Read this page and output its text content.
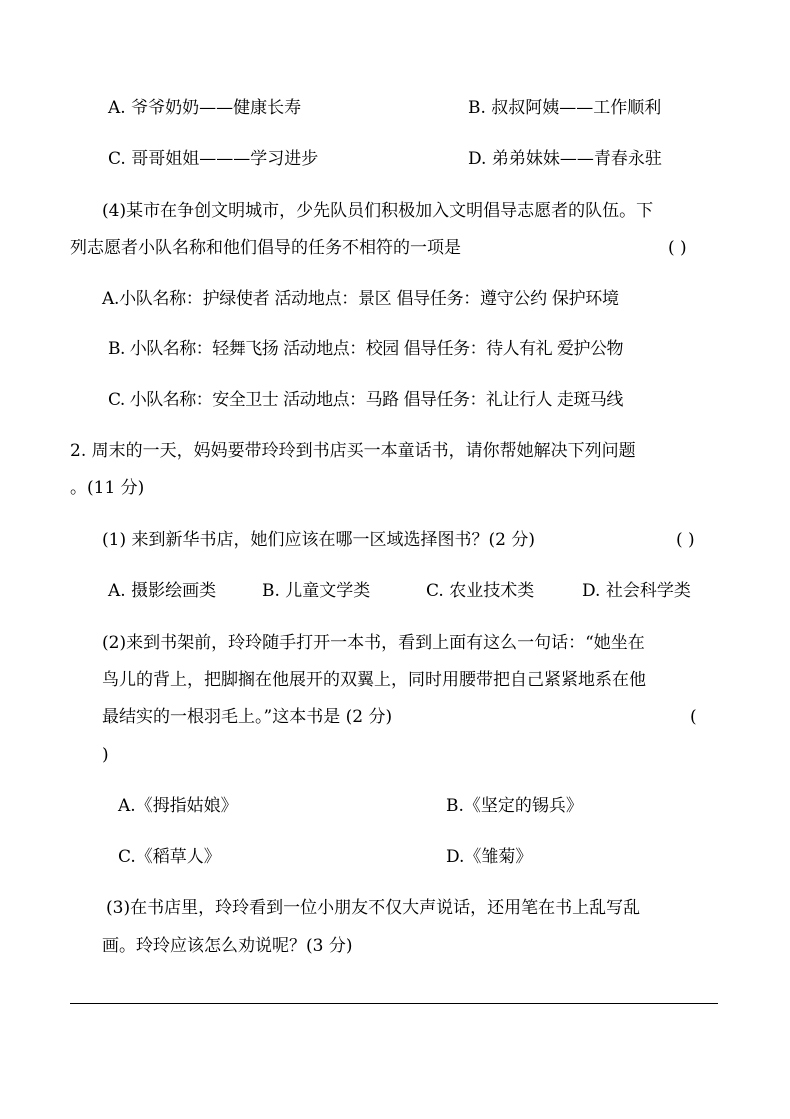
A. 爷爷奶奶——健康长寿	B. 叔叔阿姨——工作顺利
C. 哥哥姐姐———学习进步	D. 弟弟妹妹——青春永驻
(4)某市在争创文明城市，少先队员们积极加入文明倡导志愿者的队伍。下
列志愿者小队名称和他们倡导的任务不相符的一项是	( )
A.小队名称：护绿使者 活动地点：景区 倡导任务：遵守公约 保护环境
B. 小队名称：轻舞飞扬 活动地点：校园 倡导任务：待人有礼 爱护公物
C. 小队名称：安全卫士 活动地点：马路 倡导任务：礼让行人 走斑马线
2. 周末的一天，妈妈要带玲玲到书店买一本童话书，请你帮她解决下列问题
。(11 分)
(1) 来到新华书店，她们应该在哪一区域选择图书？(2 分)	( )
A. 摄影绘画类	B. 儿童文学类	C. 农业技术类	D. 社会科学类
(2)来到书架前，玲玲随手打开一本书，看到上面有这么一句话：“她坐在
鸟儿的背上，把脚搁在他展开的双翼上，同时用腰带把自己紧紧地系在他
最结实的一根羽毛上。”这本书是 (2 分)	(
)
A.《拇指姑娘》	B.《坚定的锡兵》
C.《稻草人》	D.《雏菊》
(3)在书店里，玲玲看到一位小朋友不仅大声说话，还用笔在书上乱写乱
画。玲玲应该怎么劝说呢？(3 分)
